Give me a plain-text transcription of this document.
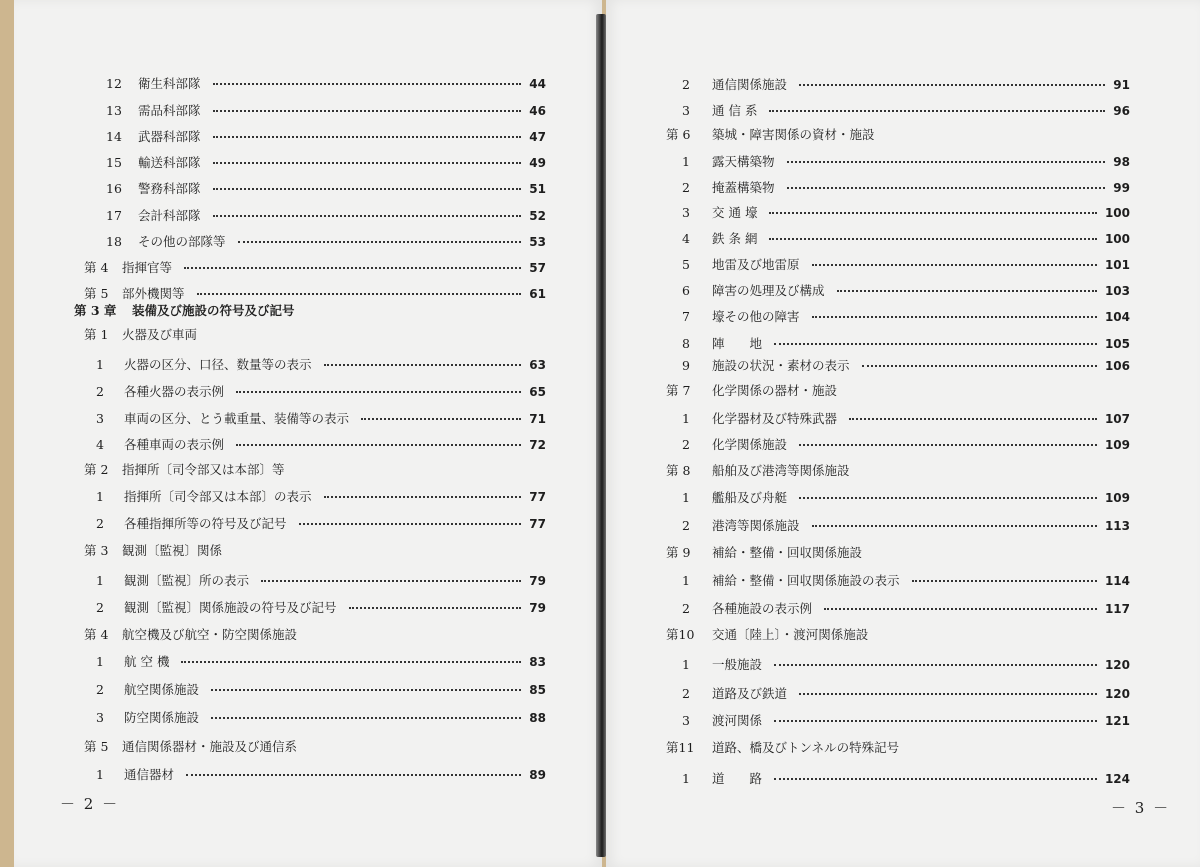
12 衛生科部隊	44
13 需品科部隊	46
14 武器科部隊	47
15 輸送科部隊	49
16 警務科部隊	51
17 会計科部隊	52
18 その他の部隊等	53
第 4 指揮官等	57
第 5 部外機関等	61
第 3 章 装備及び施設の符号及び記号
第 1 火器及び車両
1 火器の区分、口径、数量等の表示	63
2 各種火器の表示例	65
3 車両の区分、とう載重量、装備等の表示	71
4 各種車両の表示例	72
第 2 指揮所〔司令部又は本部〕等
1 指揮所〔司令部又は本部〕の表示	77
2 各種指揮所等の符号及び記号	77
第 3 観測〔監視〕関係
1 観測〔監視〕所の表示	79
2 観測〔監視〕関係施設の符号及び記号	79
第 4 航空機及び航空・防空関係施設
1 航 空 機	83
2 航空関係施設	85
3 防空関係施設	88
第 5 通信関係器材・施設及び通信系
1 通信器材	89
－ 2 －
2 通信関係施設	91
3 通 信 系	96
第 6 築城・障害関係の資材・施設
1 露天構築物	98
2 掩蓋構築物	99
3 交 通 壕	100
4 鉄 条 網	100
5 地雷及び地雷原	101
6 障害の処理及び構成	103
7 壕その他の障害	104
8 陣　　地	105
9 施設の状況・素材の表示	106
第 7 化学関係の器材・施設
1 化学器材及び特殊武器	107
2 化学関係施設	109
第 8 船舶及び港湾等関係施設
1 艦船及び舟艇	109
2 港湾等関係施設	113
第 9 補給・整備・回収関係施設
1 補給・整備・回収関係施設の表示	114
2 各種施設の表示例	117
第10 交通〔陸上〕・渡河関係施設
1 一般施設	120
2 道路及び鉄道	120
3 渡河関係	121
第11 道路、橋及びトンネルの特殊記号
1 道　　路	124
－ 3 －
